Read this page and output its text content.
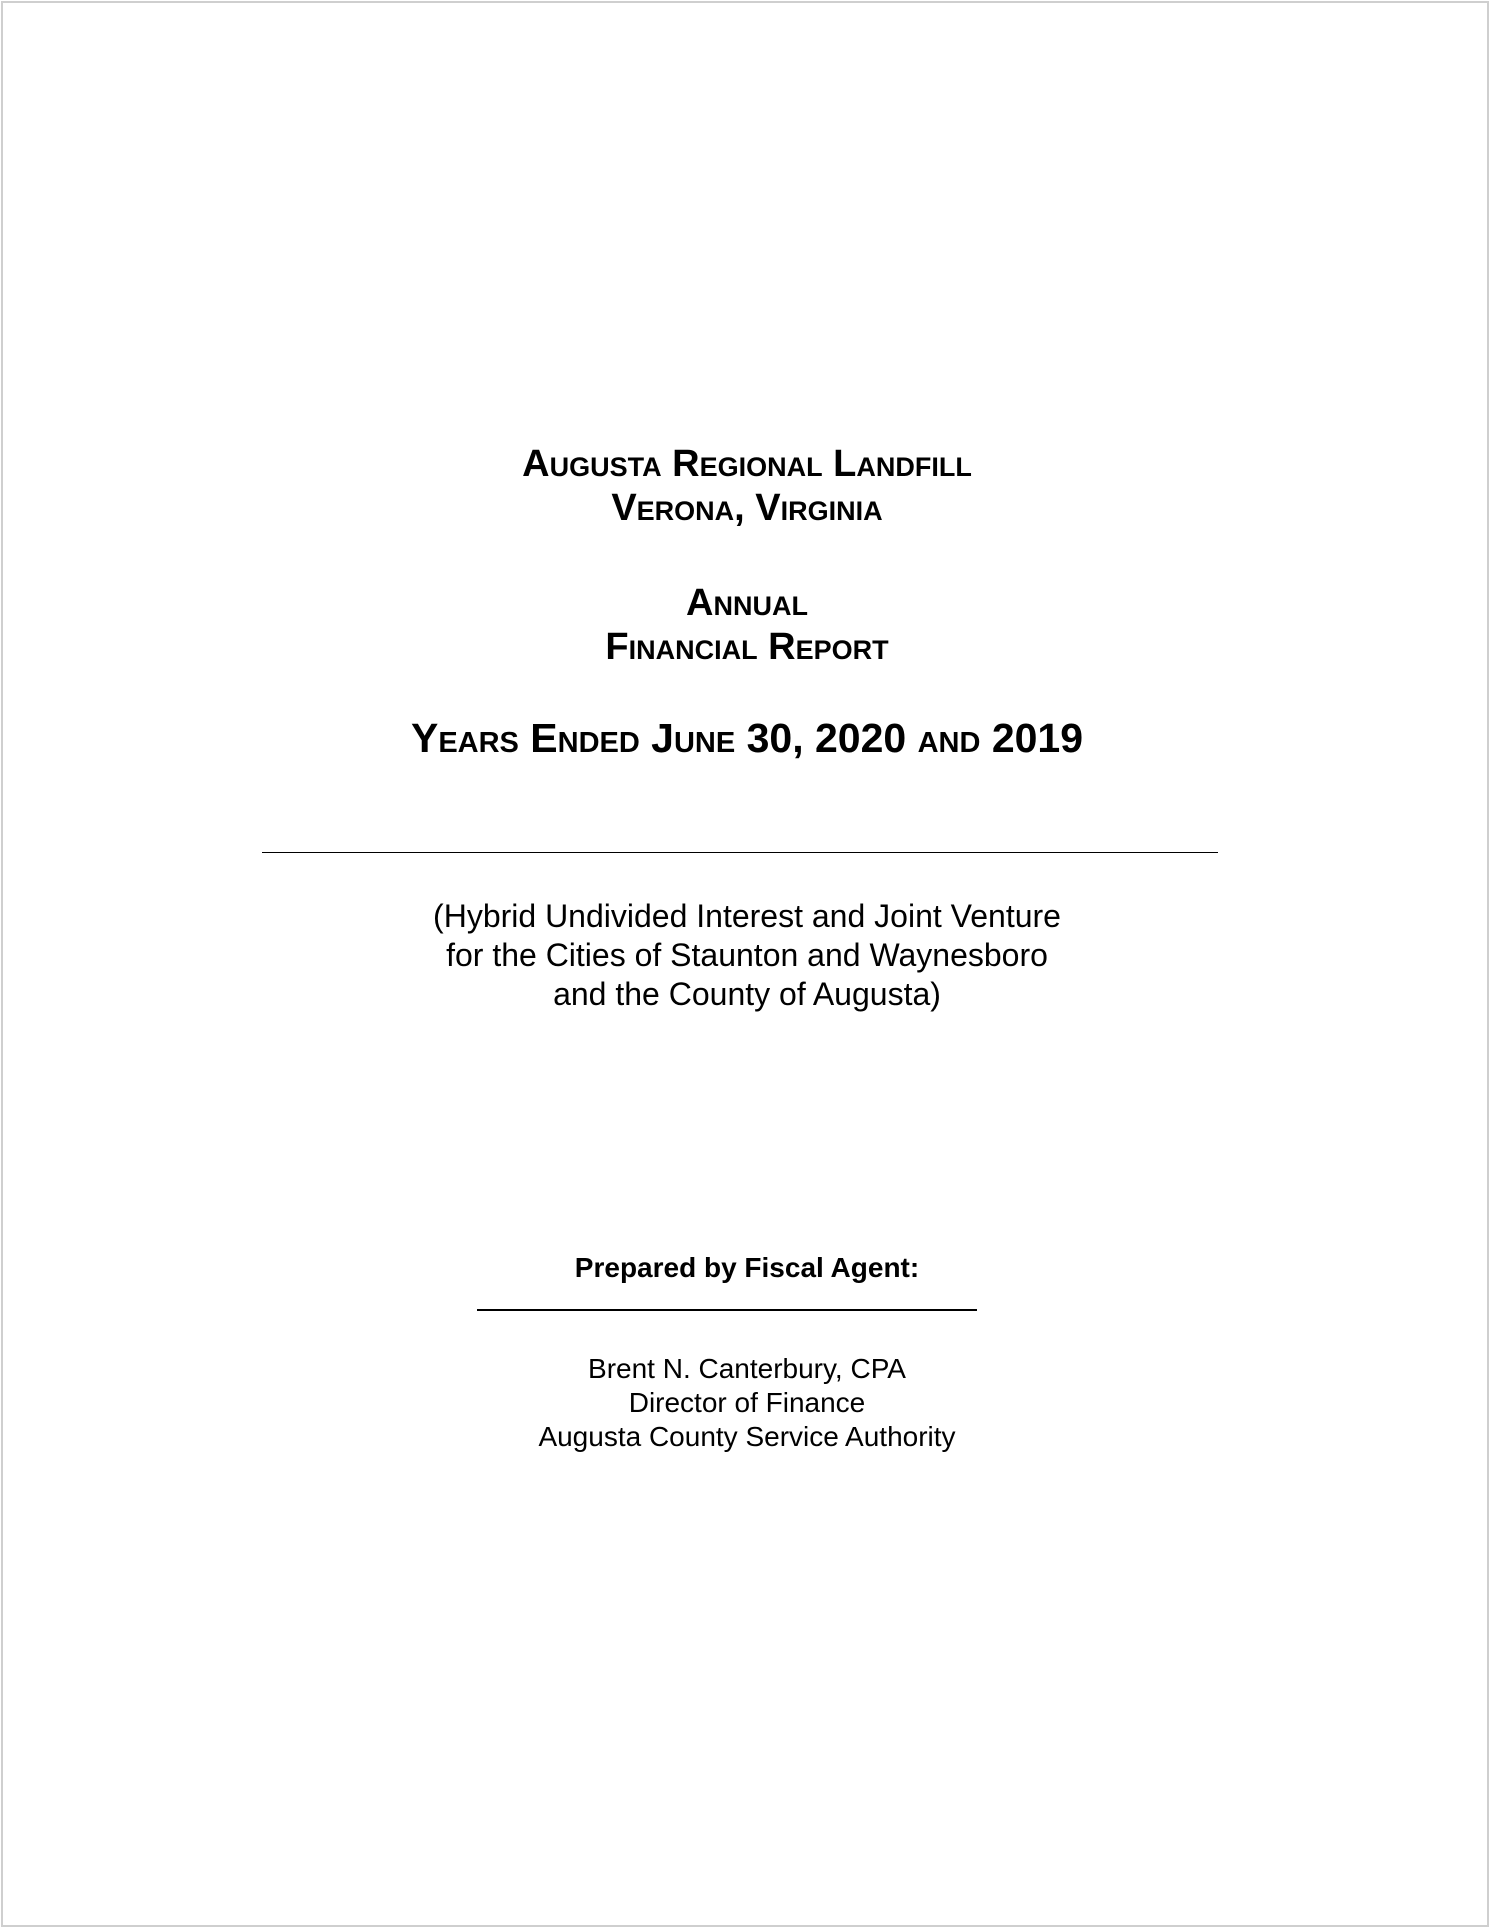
Augusta Regional Landfill
Verona, Virginia
Annual
Financial Report
Years Ended June 30, 2020 and 2019
(Hybrid Undivided Interest and Joint Venture
for the Cities of Staunton and Waynesboro
and the County of Augusta)
Prepared by Fiscal Agent:
Brent N. Canterbury, CPA
Director of Finance
Augusta County Service Authority
